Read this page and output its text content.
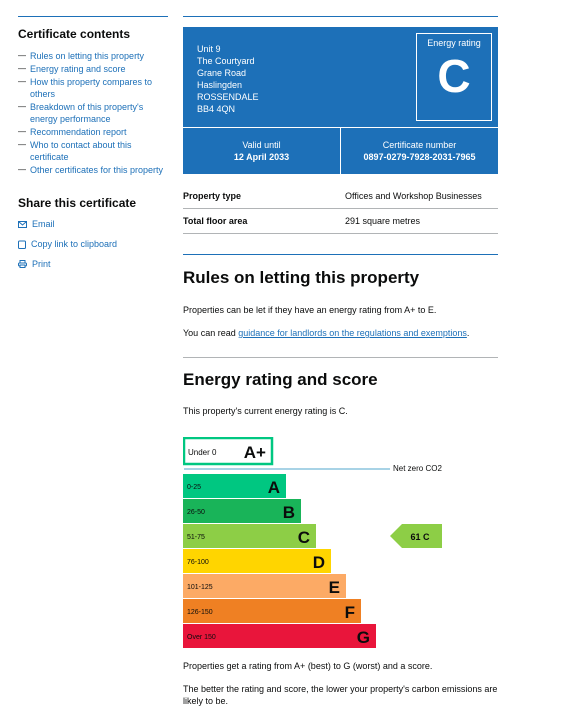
Certificate contents
— Rules on letting this property
— Energy rating and score
— How this property compares to others
— Breakdown of this property's energy performance
— Recommendation report
— Who to contact about this certificate
— Other certificates for this property
Share this certificate
Email
Copy link to clipboard
Print
Unit 9
The Courtyard
Grane Road
Haslingden
ROSSENDALE
BB4 4QN
Energy rating
C
Valid until
12 April 2033
Certificate number
0897-0279-7928-2031-7965
Property type	Offices and Workshop Businesses
Total floor area	291 square metres
Rules on letting this property

Properties can be let if they have an energy rating from A+ to E.

You can read guidance for landlords on the regulations and exemptions.

Energy rating and score

This property's current energy rating is C.

Under 0 A+
Net zero CO2
0-25	A
26-50	B
51-75	C
76-100	D
101-125	E
126-150	F
Over 150	G
61 C

Properties get a rating from A+ (best) to G (worst) and a score.

The better the rating and score, the lower your property's carbon emissions are likely to be.
